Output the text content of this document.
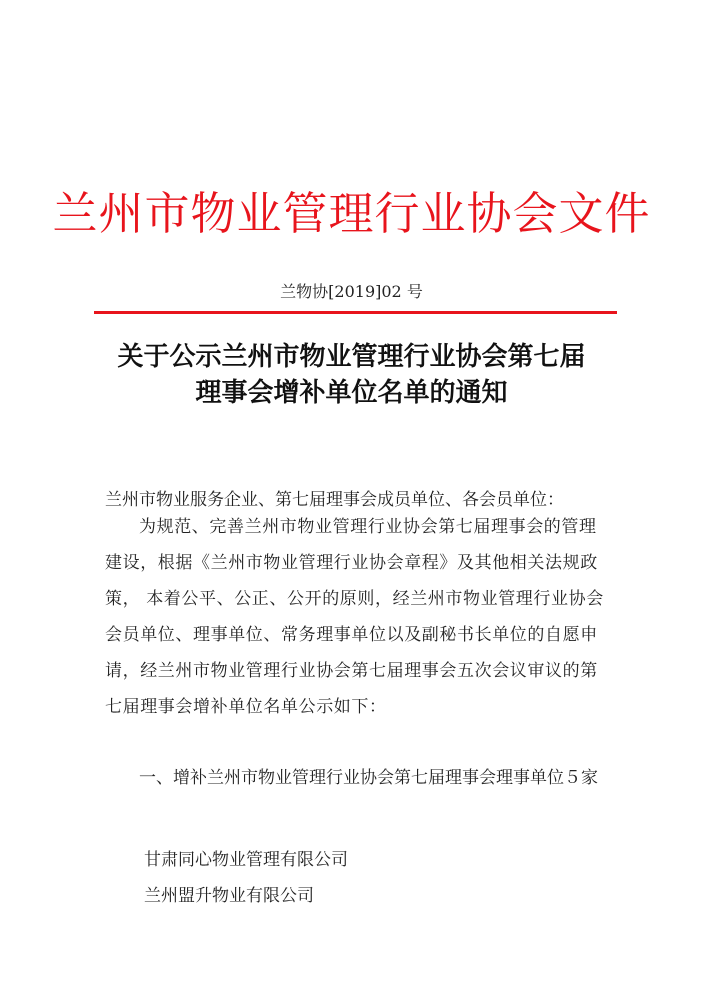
兰州市物业管理行业协会文件
兰物协[2019]02 号
关于公示兰州市物业管理行业协会第七届
理事会增补单位名单的通知
兰州市物业服务企业、第七届理事会成员单位、各会员单位：
为规范、完善兰州市物业管理行业协会第七届理事会的管理建设，根据《兰州市物业管理行业协会章程》及其他相关法规政策， 本着公平、公正、公开的原则，经兰州市物业管理行业协会会员单位、理事单位、常务理事单位以及副秘书长单位的自愿申请，经兰州市物业管理行业协会第七届理事会五次会议审议的第七届理事会增补单位名单公示如下：
一、增补兰州市物业管理行业协会第七届理事会理事单位５家
甘肃同心物业管理有限公司
兰州盟升物业有限公司
